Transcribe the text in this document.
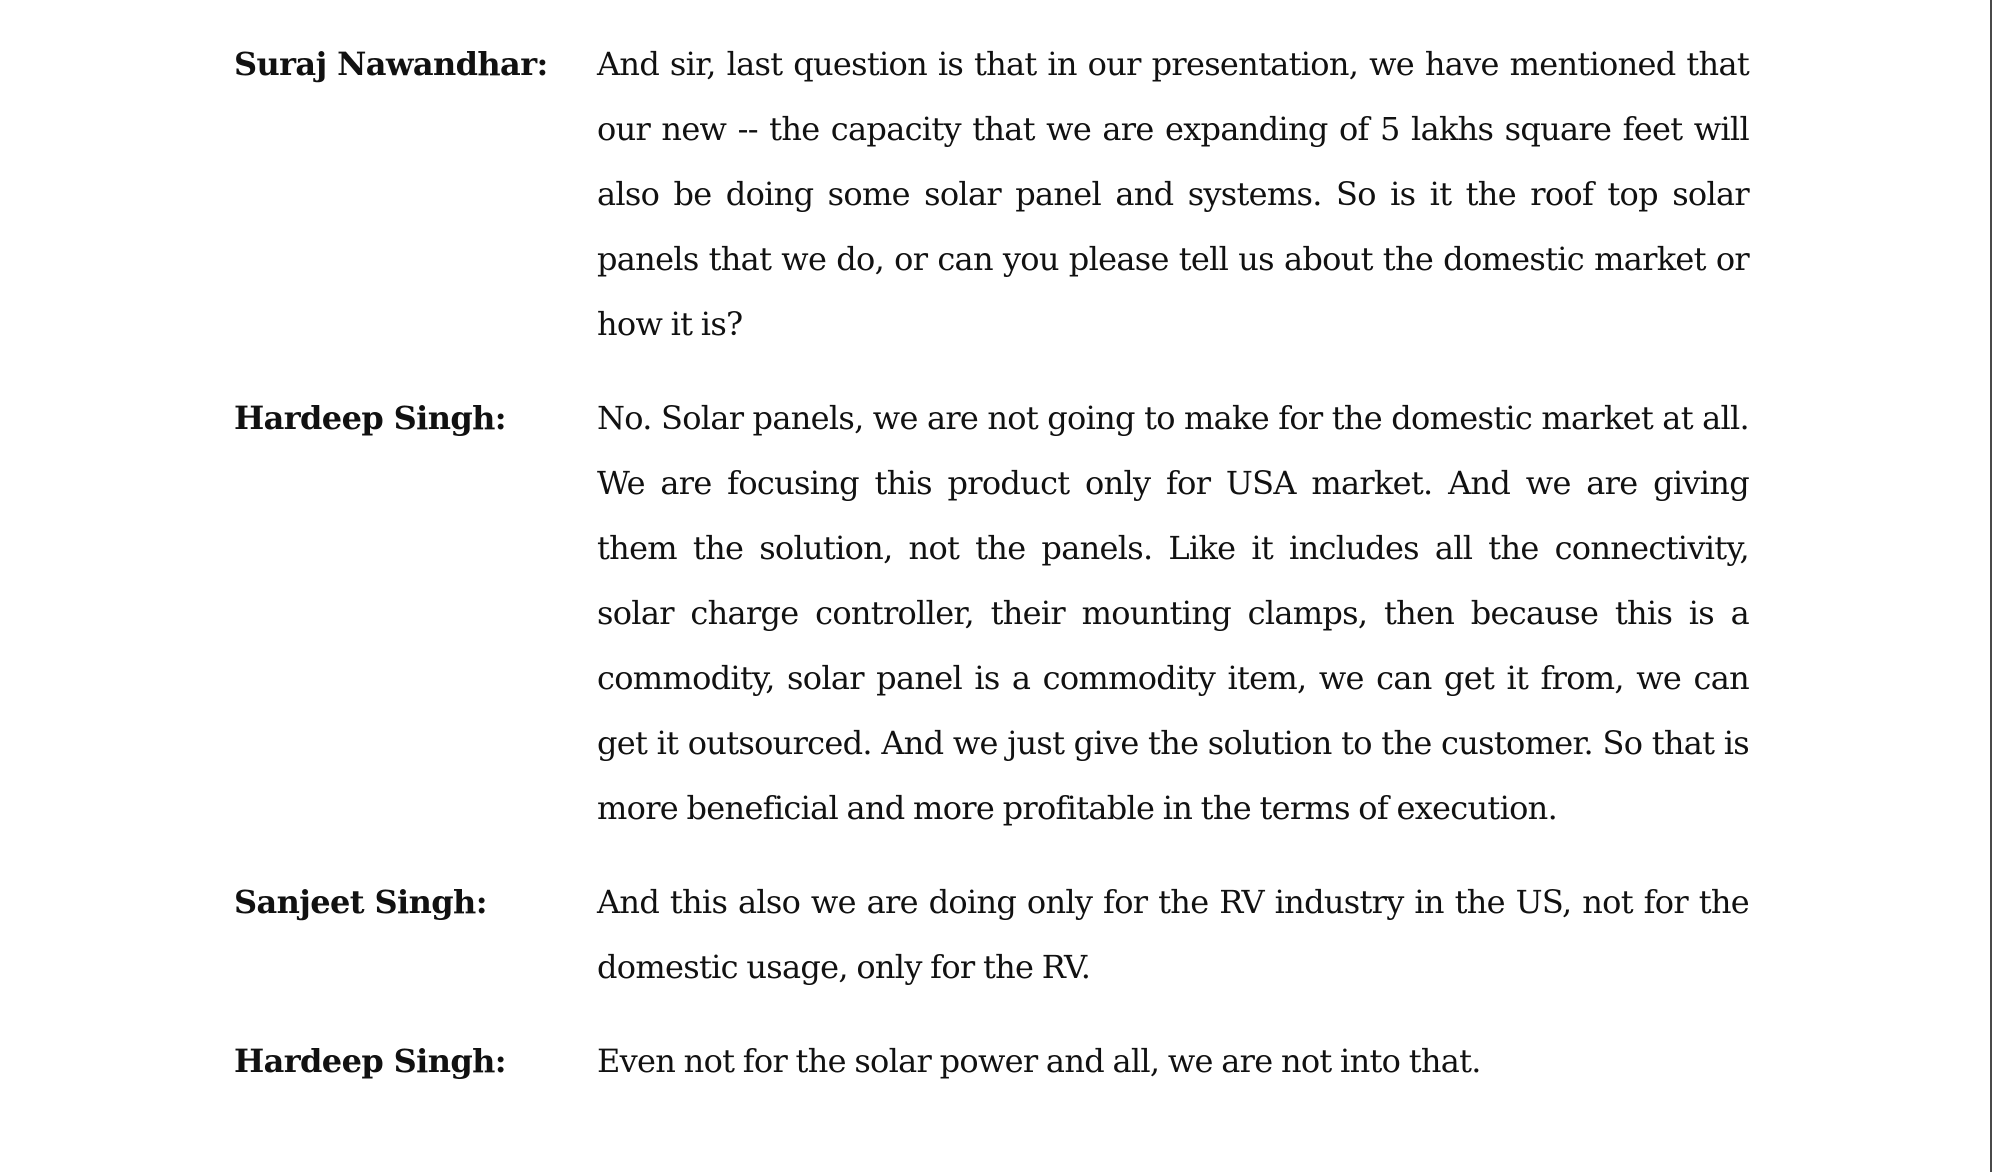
Suraj Nawandhar:	And sir, last question is that in our presentation, we have mentioned that our new -- the capacity that we are expanding of 5 lakhs square feet will also be doing some solar panel and systems. So is it the roof top solar panels that we do, or can you please tell us about the domestic market or how it is?
Hardeep Singh:	No. Solar panels, we are not going to make for the domestic market at all. We are focusing this product only for USA market. And we are giving them the solution, not the panels. Like it includes all the connectivity, solar charge controller, their mounting clamps, then because this is a commodity, solar panel is a commodity item, we can get it from, we can get it outsourced. And we just give the solution to the customer. So that is more beneficial and more profitable in the terms of execution.
Sanjeet Singh:	And this also we are doing only for the RV industry in the US, not for the domestic usage, only for the RV.
Hardeep Singh:	Even not for the solar power and all, we are not into that.
